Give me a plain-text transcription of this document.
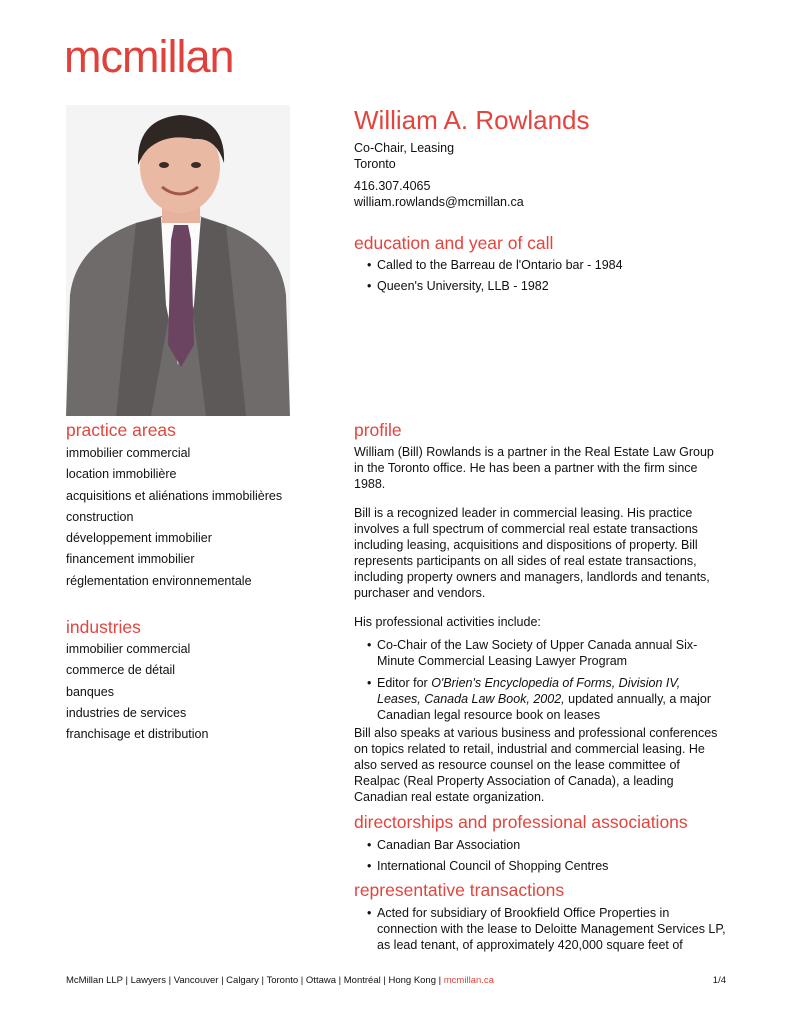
mcmillan
William A. Rowlands

Co-Chair, Leasing

Toronto

416.307.4065

william.rowlands@mcmillan.ca

education and year of call
• Called to the Barreau de l'Ontario bar - 1984
• Queen's University, LLB - 1982
practice areas
immobilier commercial
location immobilière
acquisitions et aliénations immobilières
construction
développement immobilier
financement immobilier
réglementation environnementale
industries
immobilier commercial
commerce de détail
banques
industries de services
franchisage et distribution
profile

William (Bill) Rowlands is a partner in the Real Estate Law Group in the Toronto office. He has been a partner with the firm since 1988.

Bill is a recognized leader in commercial leasing. His practice involves a full spectrum of commercial real estate transactions including leasing, acquisitions and dispositions of property. Bill represents participants on all sides of real estate transactions, including property owners and managers, landlords and tenants, purchaser and vendors.

His professional activities include:

• Co-Chair of the Law Society of Upper Canada annual Six-Minute Commercial Leasing Lawyer Program
• Editor for O'Brien's Encyclopedia of Forms, Division IV, Leases, Canada Law Book, 2002, updated annually, a major Canadian legal resource book on leases

Bill also speaks at various business and professional conferences on topics related to retail, industrial and commercial leasing. He also served as resource counsel on the lease committee of Realpac (Real Property Association of Canada), a leading Canadian real estate organization.

directorships and professional associations
• Canadian Bar Association
• International Council of Shopping Centres
representative transactions
• Acted for subsidiary of Brookfield Office Properties in connection with the lease to Deloitte Management Services LP, as lead tenant, of approximately 420,000 square feet of
McMillan LLP | Lawyers | Vancouver | Calgary | Toronto | Ottawa | Montréal | Hong Kong | mcmillan.ca	1/4
